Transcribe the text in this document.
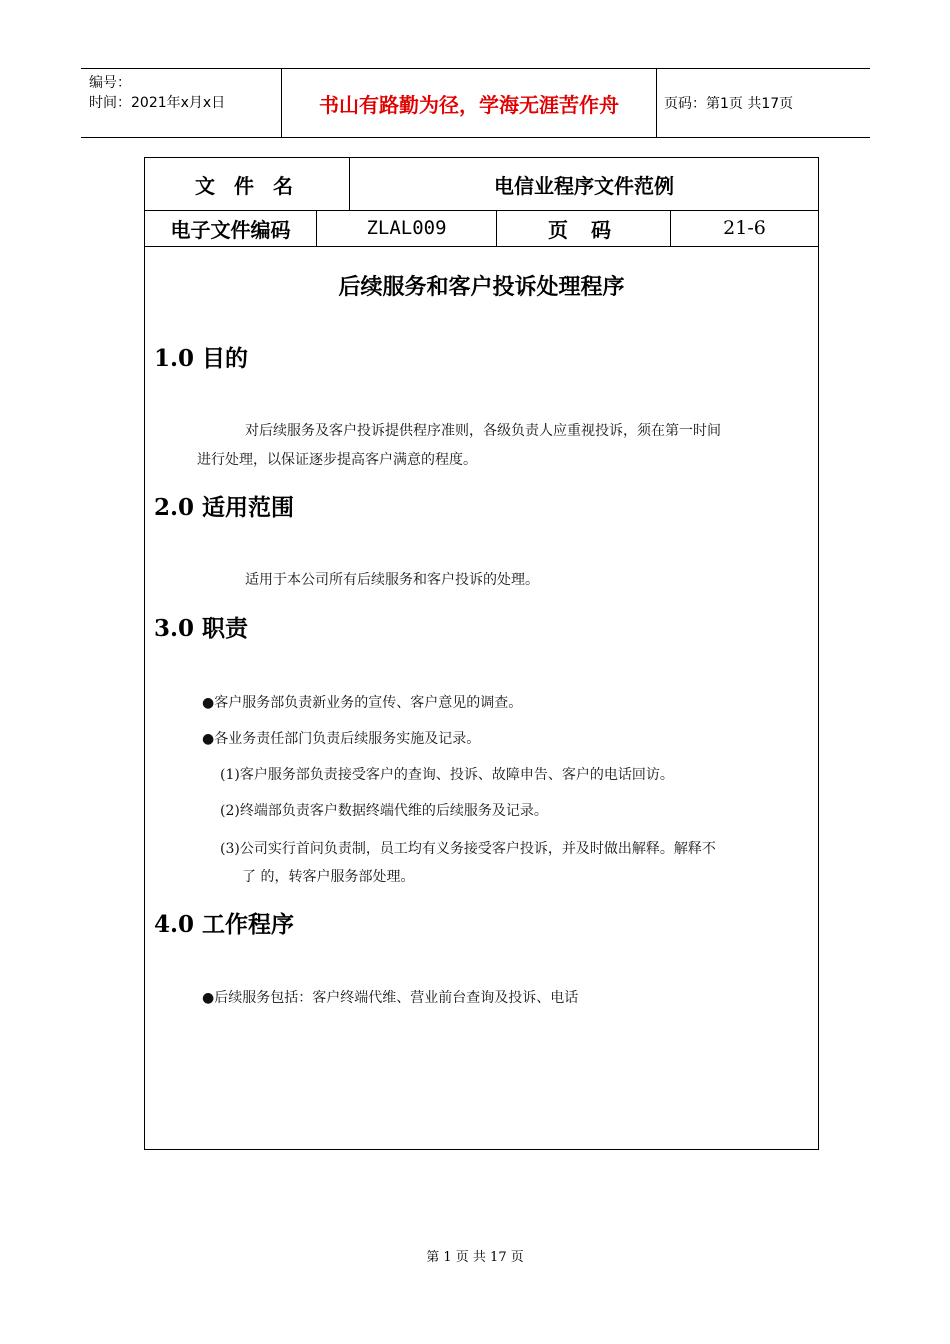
编号：
时间：2021年x月x日	书山有路勤为径，学海无涯苦作舟	页码：第1页 共17页
文 件 名	电信业程序文件范例
电子文件编码	ZLAL009	页 码	21-6
后续服务和客户投诉处理程序
1.0 目的
对后续服务及客户投诉提供程序准则，各级负责人应重视投诉，须在第一时间
进行处理，以保证逐步提高客户满意的程度。
2.0 适用范围
适用于本公司所有后续服务和客户投诉的处理。
3.0 职责
●客户服务部负责新业务的宣传、客户意见的调查。
●各业务责任部门负责后续服务实施及记录。
(1)客户服务部负责接受客户的查询、投诉、故障申告、客户的电话回访。
(2)终端部负责客户数据终端代维的后续服务及记录。
(3)公司实行首问负责制，员工均有义务接受客户投诉，并及时做出解释。解释不
了 的，转客户服务部处理。
4.0 工作程序
●后续服务包括：客户终端代维、营业前台查询及投诉、电话
第 1 页 共 17 页
